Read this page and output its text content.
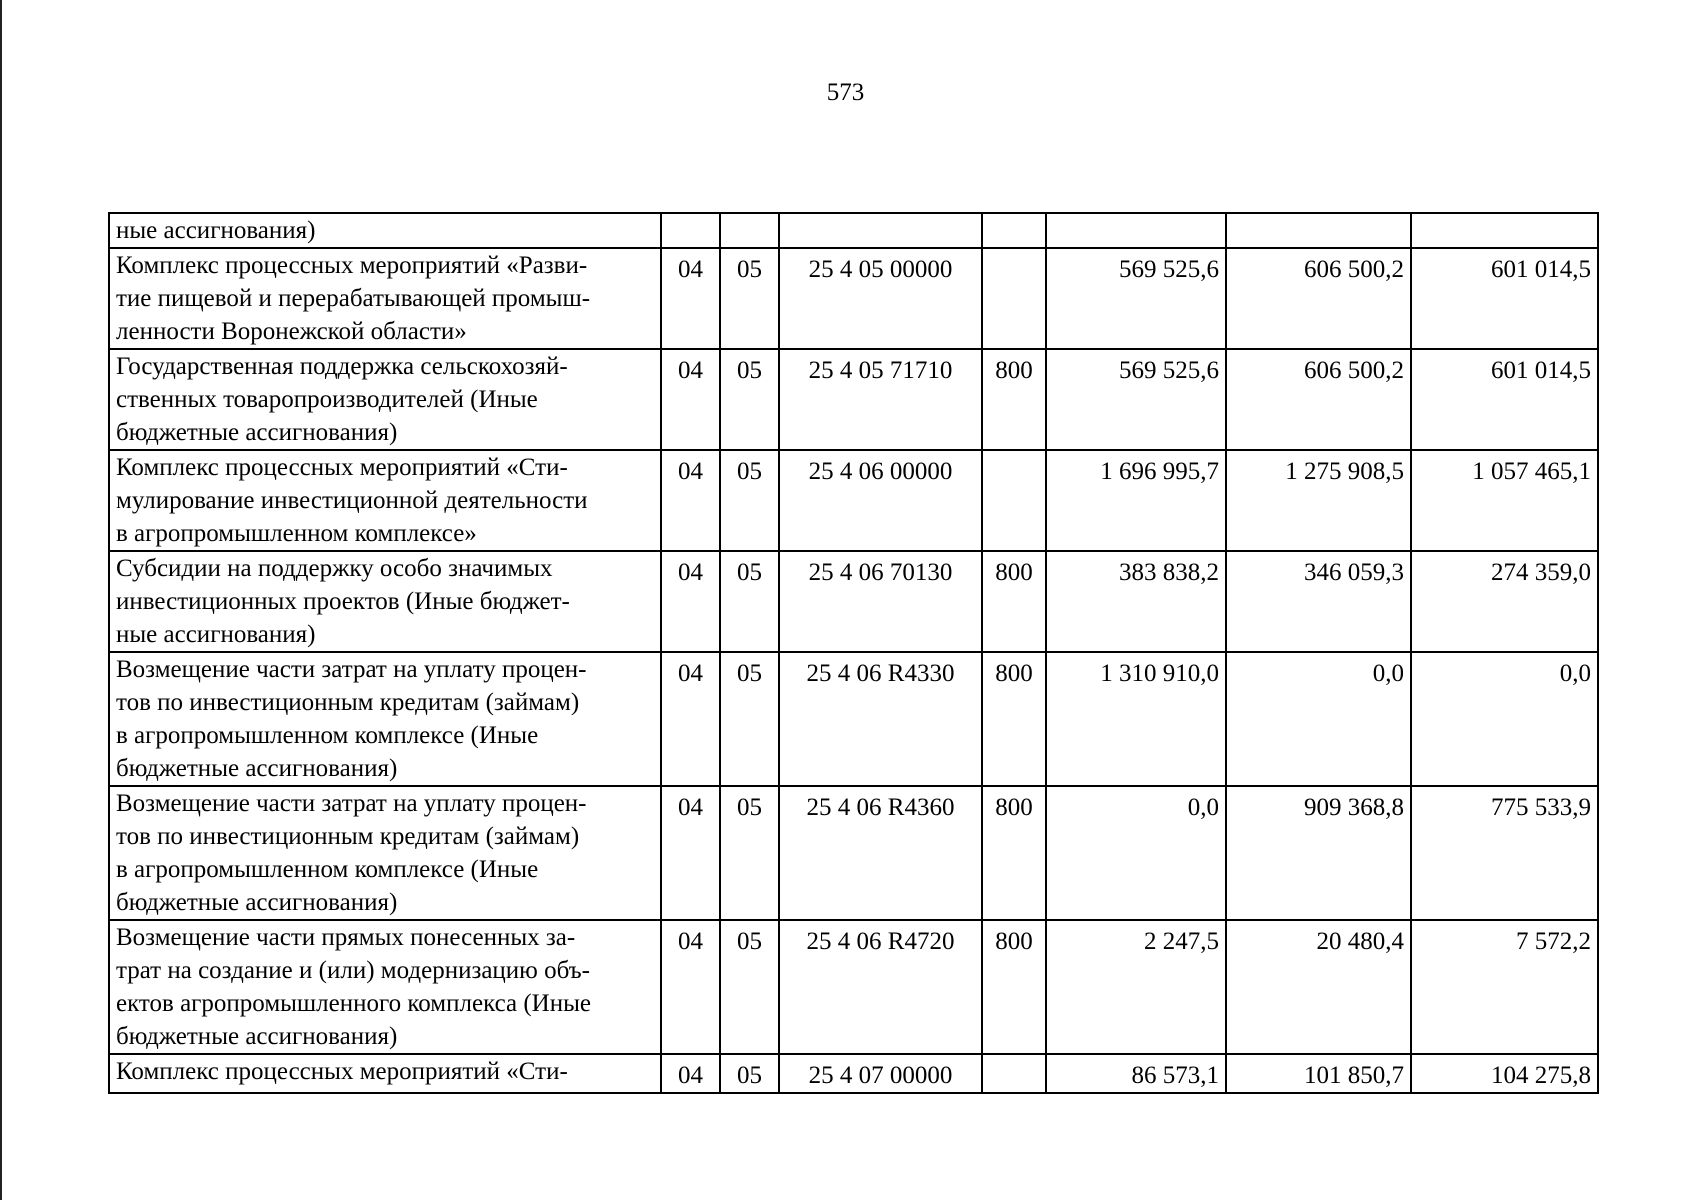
573
ные ассигнования)							

Комплекс процессных мероприятий «Разви-
тие пищевой и перерабатывающей промыш-
ленности Воронежской области»	04	05	25 4 05 00000		569 525,6	606 500,2	601 014,5

Государственная поддержка сельскохозяй-
ственных товаропроизводителей (Иные
бюджетные ассигнования)	04	05	25 4 05 71710	800	569 525,6	606 500,2	601 014,5

Комплекс процессных мероприятий «Сти-
мулирование инвестиционной деятельности
в агропромышленном комплексе»	04	05	25 4 06 00000		1 696 995,7	1 275 908,5	1 057 465,1

Субсидии на поддержку особо значимых
инвестиционных проектов (Иные бюджет-
ные ассигнования)	04	05	25 4 06 70130	800	383 838,2	346 059,3	274 359,0

Возмещение части затрат на уплату процен-
тов по инвестиционным кредитам (займам)
в агропромышленном комплексе (Иные
бюджетные ассигнования)	04	05	25 4 06 R4330	800	1 310 910,0	0,0	0,0

Возмещение части затрат на уплату процен-
тов по инвестиционным кредитам (займам)
в агропромышленном комплексе (Иные
бюджетные ассигнования)	04	05	25 4 06 R4360	800	0,0	909 368,8	775 533,9

Возмещение части прямых понесенных за-
трат на создание и (или) модернизацию объ-
ектов агропромышленного комплекса (Иные
бюджетные ассигнования)	04	05	25 4 06 R4720	800	2 247,5	20 480,4	7 572,2

Комплекс процессных мероприятий «Сти-	04	05	25 4 07 00000		86 573,1	101 850,7	104 275,8
